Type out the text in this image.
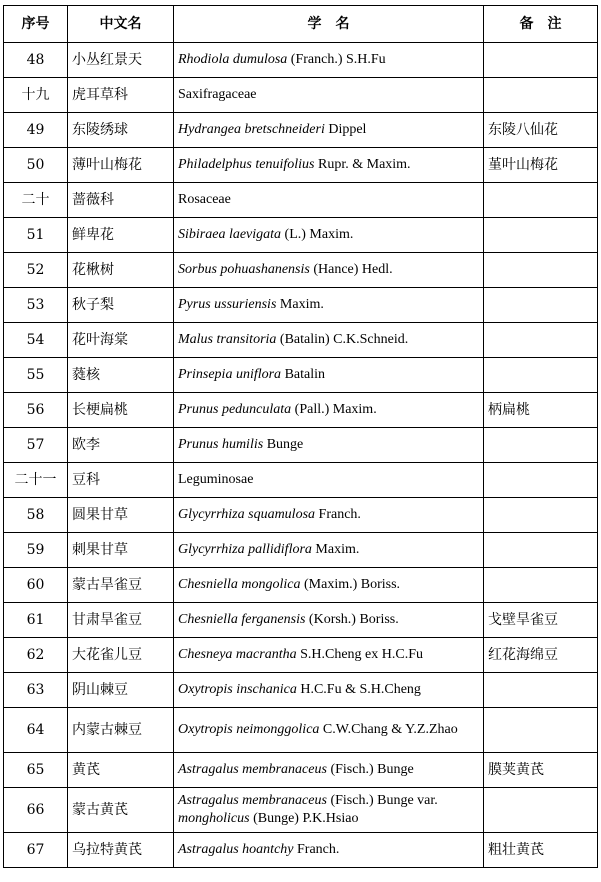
序号	中文名	学　名	备　注
48	小丛红景天	Rhodiola dumulosa (Franch.) S.H.Fu	
十九	虎耳草科	Saxifragaceae	
49	东陵绣球	Hydrangea bretschneideri Dippel	东陵八仙花
50	薄叶山梅花	Philadelphus tenuifolius Rupr. & Maxim.	堇叶山梅花
二十	蔷薇科	Rosaceae	
51	鲜卑花	Sibiraea laevigata (L.) Maxim.	
52	花楸树	Sorbus pohuashanensis (Hance) Hedl.	
53	秋子梨	Pyrus ussuriensis Maxim.	
54	花叶海棠	Malus transitoria (Batalin) C.K.Schneid.	
55	蕤核	Prinsepia uniflora Batalin	
56	长梗扁桃	Prunus pedunculata (Pall.) Maxim.	柄扁桃
57	欧李	Prunus humilis Bunge	
二十一	豆科	Leguminosae	
58	圆果甘草	Glycyrrhiza squamulosa Franch.	
59	刺果甘草	Glycyrrhiza pallidiflora Maxim.	
60	蒙古旱雀豆	Chesniella mongolica (Maxim.) Boriss.	
61	甘肃旱雀豆	Chesniella ferganensis (Korsh.) Boriss.	戈壁旱雀豆
62	大花雀儿豆	Chesneya macrantha S.H.Cheng ex H.C.Fu	红花海绵豆
63	阴山棘豆	Oxytropis inschanica H.C.Fu & S.H.Cheng	
64	内蒙古棘豆	Oxytropis neimonggolica C.W.Chang & Y.Z.Zhao	
65	黄芪	Astragalus membranaceus (Fisch.) Bunge	膜荚黄芪
66	蒙古黄芪	Astragalus membranaceus (Fisch.) Bunge var.
mongholicus (Bunge) P.K.Hsiao	
67	乌拉特黄芪	Astragalus hoantchy Franch.	粗壮黄芪
